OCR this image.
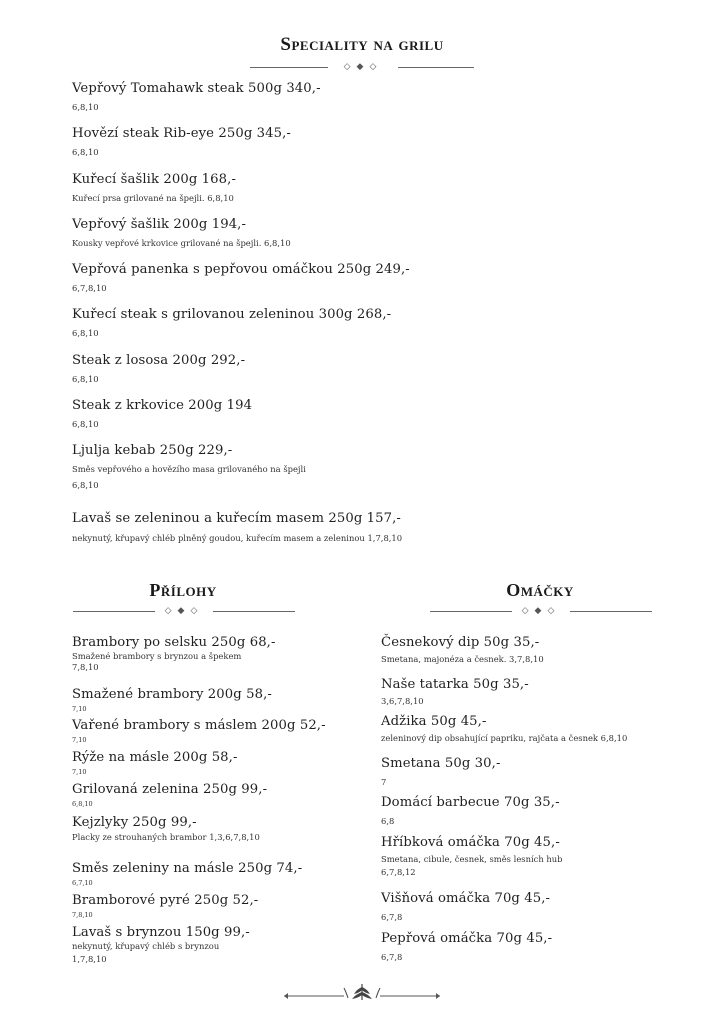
Speciality na grilu
◇◆◇
Vepřový Tomahawk steak 500g 340,-
6,8,10
Hovězí steak Rib-eye 250g 345,-
6,8,10
Kuřecí šašlik 200g 168,-
Kuřecí prsa grilované na špejli. 6,8,10
Vepřový šašlik 200g 194,-
Kousky vepřové krkovice grilované na špejli. 6,8,10
Vepřová panenka s pepřovou omáčkou 250g 249,-
6,7,8,10
Kuřecí steak s grilovanou zeleninou 300g 268,-
6,8,10
Steak z lososa 200g 292,-
6,8,10
Steak z krkovice 200g 194
6,8,10
Ljulja kebab 250g 229,-
Směs vepřového a hovězího masa grilovaného na špejli
6,8,10
Lavaš se zeleninou a kuřecím masem 250g 157,-
nekynutý, křupavý chléb plněný goudou, kuřecím masem a zeleninou 1,7,8,10
Přílohy
◇◆◇
Brambory po selsku 250g 68,-
Smažené brambory s brynzou a špekem
7,8,10
Smažené brambory 200g 58,-
7,10
Vařené brambory s máslem 200g 52,-
7,10
Rýže na másle 200g 58,-
7,10
Grilovaná zelenina 250g 99,-
6,8,10
Kejzlyky 250g 99,-
Placky ze strouhaných brambor 1,3,6,7,8,10
Směs zeleniny na másle 250g 74,-
6,7,10
Bramborové pyré 250g 52,-
7,8,10
Lavaš s brynzou 150g 99,-
nekynutý, křupavý chléb s brynzou
1,7,8,10
Omáčky
◇◆◇
Česnekový dip 50g 35,-
Smetana, majonéza a česnek. 3,7,8,10
Naše tatarka 50g 35,-
3,6,7,8,10
Adžika 50g 45,-
zeleninový dip obsahující papriku, rajčata a česnek 6,8,10
Smetana 50g 30,-
7
Domácí barbecue 70g 35,-
6,8
Hříbková omáčka 70g 45,-
Smetana, cibule, česnek, směs lesních hub
6,7,8,12
Višňová omáčka 70g 45,-
6,7,8
Pepřová omáčka 70g 45,-
6,7,8
